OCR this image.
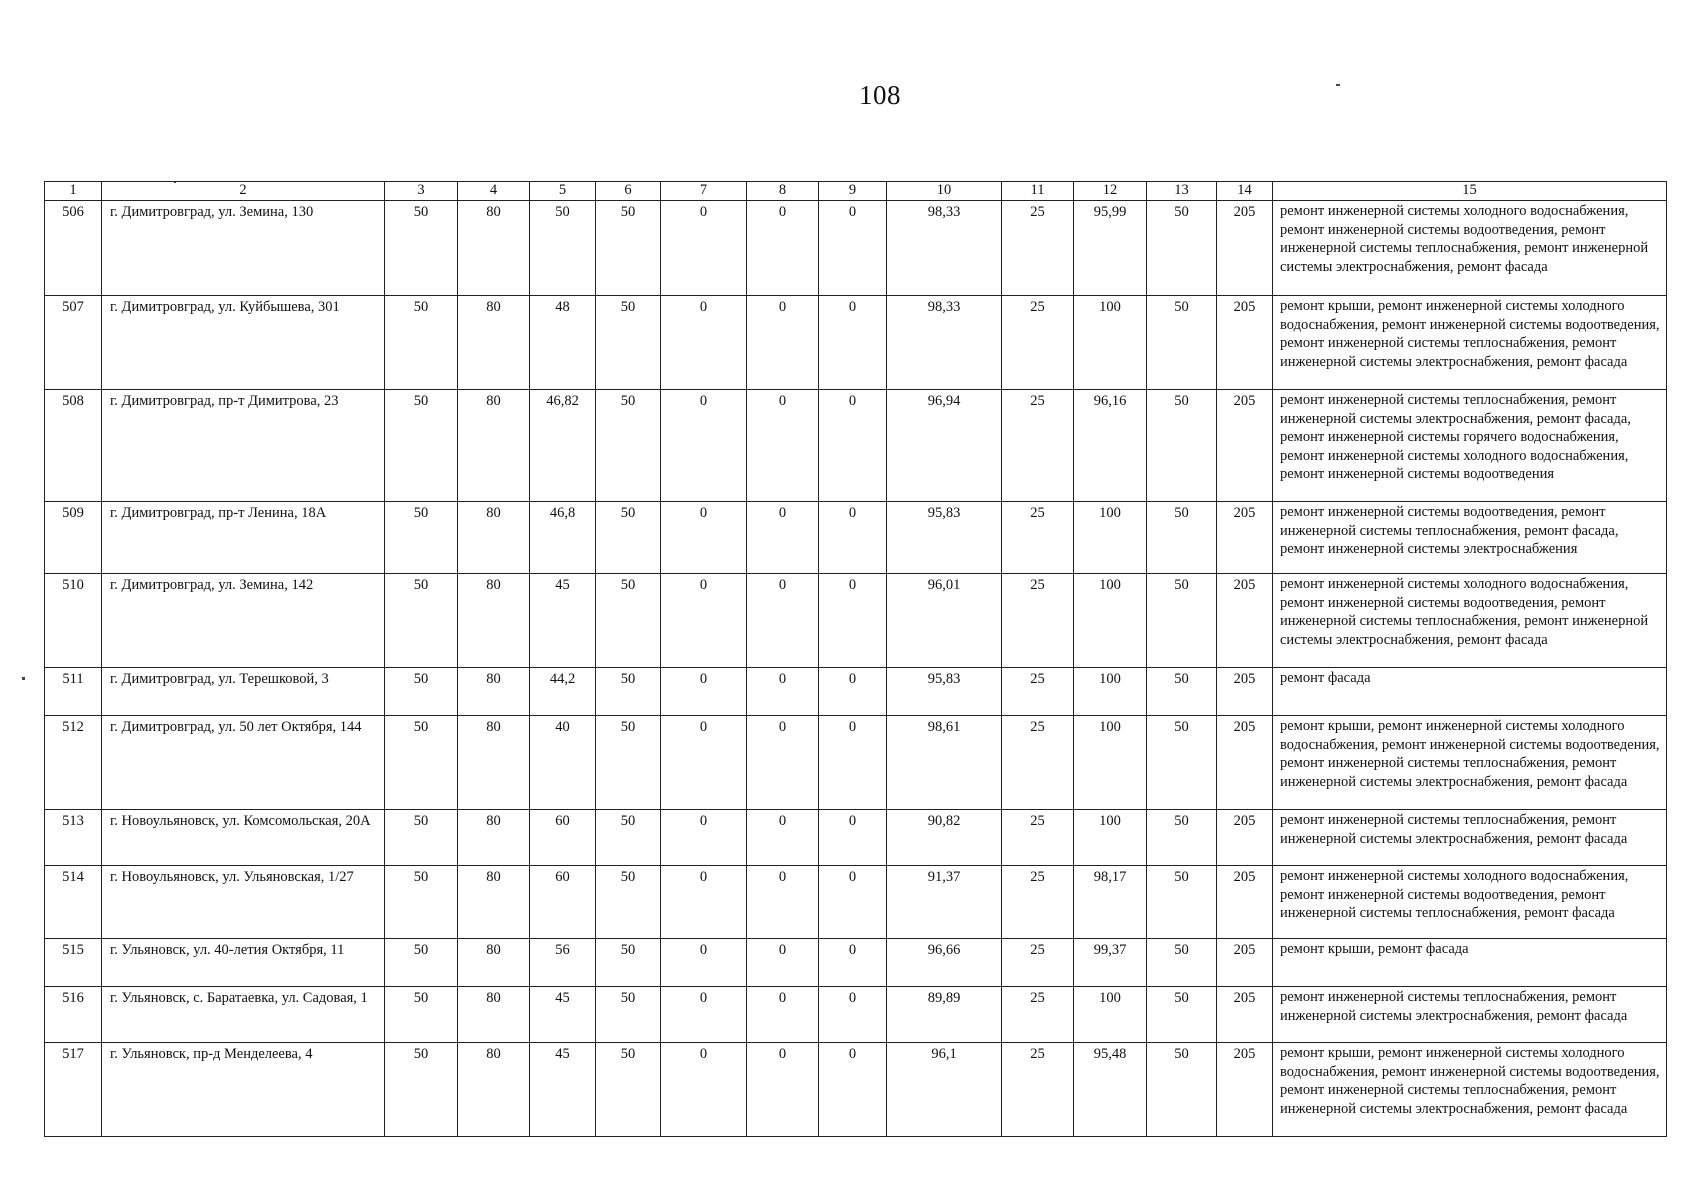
108
1	2	3	4	5	6	7	8	9	10	11	12	13	14	15
506	г. Димитровград, ул. Земина, 130	50	80	50	50	0	0	0	98,33	25	95,99	50	205	ремонт инженерной системы холодного водоснабжения, ремонт инженерной системы водоотведения, ремонт инженерной системы теплоснабжения, ремонт инженерной системы электроснабжения, ремонт фасада
507	г. Димитровград, ул. Куйбышева, 301	50	80	48	50	0	0	0	98,33	25	100	50	205	ремонт крыши, ремонт инженерной системы холодного водоснабжения, ремонт инженерной системы водоотведения, ремонт инженерной системы теплоснабжения, ремонт инженерной системы электроснабжения, ремонт фасада
508	г. Димитровград, пр-т Димитрова, 23	50	80	46,82	50	0	0	0	96,94	25	96,16	50	205	ремонт инженерной системы теплоснабжения, ремонт инженерной системы электроснабжения, ремонт фасада, ремонт инженерной системы горячего водоснабжения, ремонт инженерной системы холодного водоснабжения, ремонт инженерной системы водоотведения
509	г. Димитровград, пр-т Ленина, 18А	50	80	46,8	50	0	0	0	95,83	25	100	50	205	ремонт инженерной системы водоотведения, ремонт инженерной системы теплоснабжения, ремонт фасада, ремонт инженерной системы электроснабжения
510	г. Димитровград, ул. Земина, 142	50	80	45	50	0	0	0	96,01	25	100	50	205	ремонт инженерной системы холодного водоснабжения, ремонт инженерной системы водоотведения, ремонт инженерной системы теплоснабжения, ремонт инженерной системы электроснабжения, ремонт фасада
511	г. Димитровград, ул. Терешковой, 3	50	80	44,2	50	0	0	0	95,83	25	100	50	205	ремонт фасада
512	г. Димитровград, ул. 50 лет Октября, 144	50	80	40	50	0	0	0	98,61	25	100	50	205	ремонт крыши, ремонт инженерной системы холодного водоснабжения, ремонт инженерной системы водоотведения, ремонт инженерной системы теплоснабжения, ремонт инженерной системы электроснабжения, ремонт фасада
513	г. Новоульяновск, ул. Комсомольская, 20А	50	80	60	50	0	0	0	90,82	25	100	50	205	ремонт инженерной системы теплоснабжения, ремонт инженерной системы электроснабжения, ремонт фасада
514	г. Новоульяновск, ул. Ульяновская, 1/27	50	80	60	50	0	0	0	91,37	25	98,17	50	205	ремонт инженерной системы холодного водоснабжения, ремонт инженерной системы водоотведения, ремонт инженерной системы теплоснабжения, ремонт фасада
515	г. Ульяновск, ул. 40-летия Октября, 11	50	80	56	50	0	0	0	96,66	25	99,37	50	205	ремонт крыши, ремонт фасада
516	г. Ульяновск, с. Баратаевка, ул. Садовая, 1	50	80	45	50	0	0	0	89,89	25	100	50	205	ремонт инженерной системы теплоснабжения, ремонт инженерной системы электроснабжения, ремонт фасада
517	г. Ульяновск, пр-д Менделеева, 4	50	80	45	50	0	0	0	96,1	25	95,48	50	205	ремонт крыши, ремонт инженерной системы холодного водоснабжения, ремонт инженерной системы водоотведения, ремонт инженерной системы теплоснабжения, ремонт инженерной системы электроснабжения, ремонт фасада
